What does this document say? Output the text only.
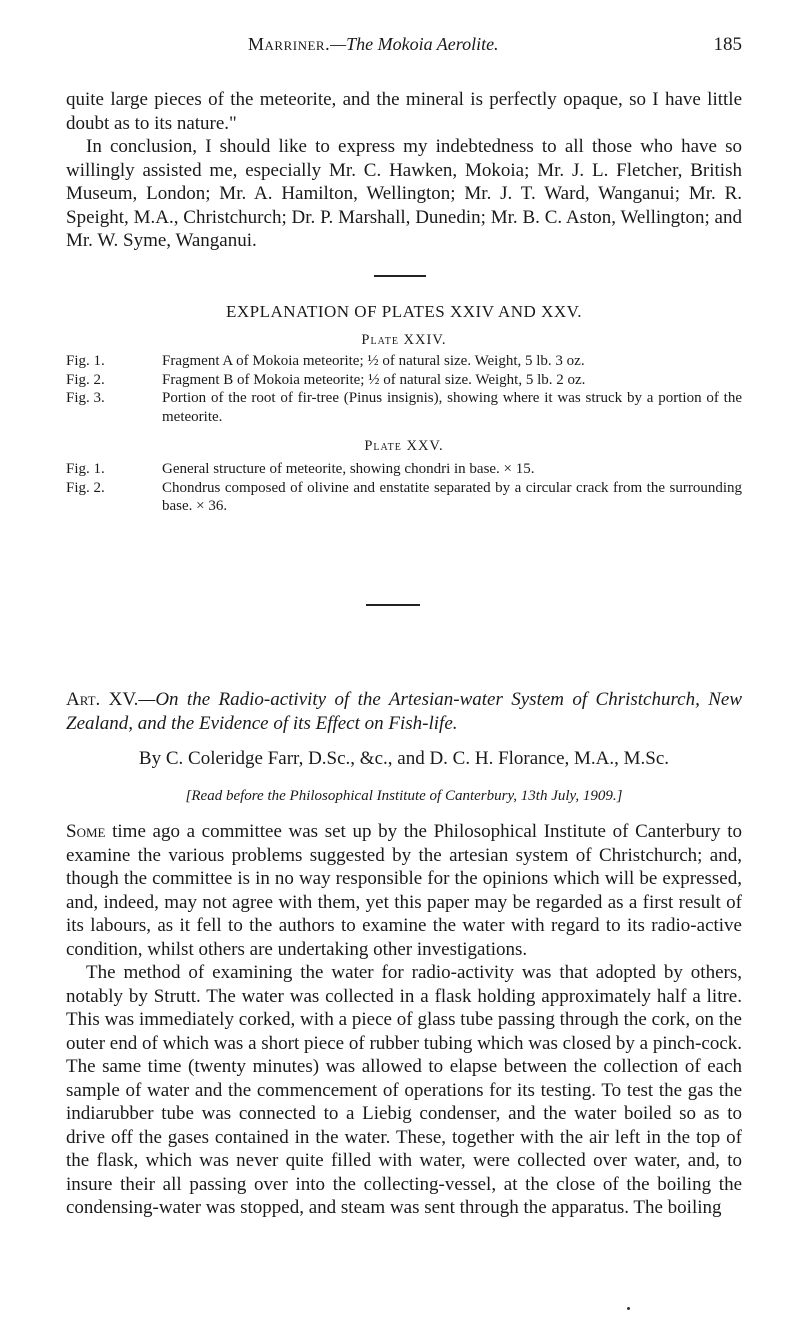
Marriner.—The Mokoia Aerolite.	185

quite large pieces of the meteorite, and the mineral is perfectly opaque, so I have little doubt as to its nature."

In conclusion, I should like to express my indebtedness to all those who have so willingly assisted me, especially Mr. C. Hawken, Mokoia; Mr. J. L. Fletcher, British Museum, London; Mr. A. Hamilton, Wellington; Mr. J. T. Ward, Wanganui; Mr. R. Speight, M.A., Christchurch; Dr. P. Marshall, Dunedin; Mr. B. C. Aston, Wellington; and Mr. W. Syme, Wanganui.

EXPLANATION OF PLATES XXIV AND XXV.
Plate XXIV.

Fig. 1.	Fragment A of Mokoia meteorite; ½ of natural size. Weight, 5 lb. 3 oz.

Fig. 2.	Fragment B of Mokoia meteorite; ½ of natural size. Weight, 5 lb. 2 oz.

Fig. 3.	Portion of the root of fir-tree (Pinus insignis), showing where it was struck by a portion of the meteorite.

Plate XXV.

Fig. 1.	General structure of meteorite, showing chondri in base. × 15.

Fig. 2.	Chondrus composed of olivine and enstatite separated by a circular crack from the surrounding base. × 36.

Art. XV.—On the Radio-activity of the Artesian-water System of Christchurch, New Zealand, and the Evidence of its Effect on Fish-life.
By C. Coleridge Farr, D.Sc., &c., and D. C. H. Florance, M.A., M.Sc.
[Read before the Philosophical Institute of Canterbury, 13th July, 1909.]

Some time ago a committee was set up by the Philosophical Institute of Canterbury to examine the various problems suggested by the artesian system of Christchurch; and, though the committee is in no way responsible for the opinions which will be expressed, and, indeed, may not agree with them, yet this paper may be regarded as a first result of its labours, as it fell to the authors to examine the water with regard to its radio-active condition, whilst others are undertaking other investigations.

The method of examining the water for radio-activity was that adopted by others, notably by Strutt. The water was collected in a flask holding approximately half a litre. This was immediately corked, with a piece of glass tube passing through the cork, on the outer end of which was a short piece of rubber tubing which was closed by a pinch-cock. The same time (twenty minutes) was allowed to elapse between the collection of each sample of water and the commencement of operations for its testing. To test the gas the indiarubber tube was connected to a Liebig condenser, and the water boiled so as to drive off the gases contained in the water. These, together with the air left in the top of the flask, which was never quite filled with water, were collected over water, and, to insure their all passing over into the collecting-vessel, at the close of the boiling the condensing-water was stopped, and steam was sent through the apparatus. The boiling
